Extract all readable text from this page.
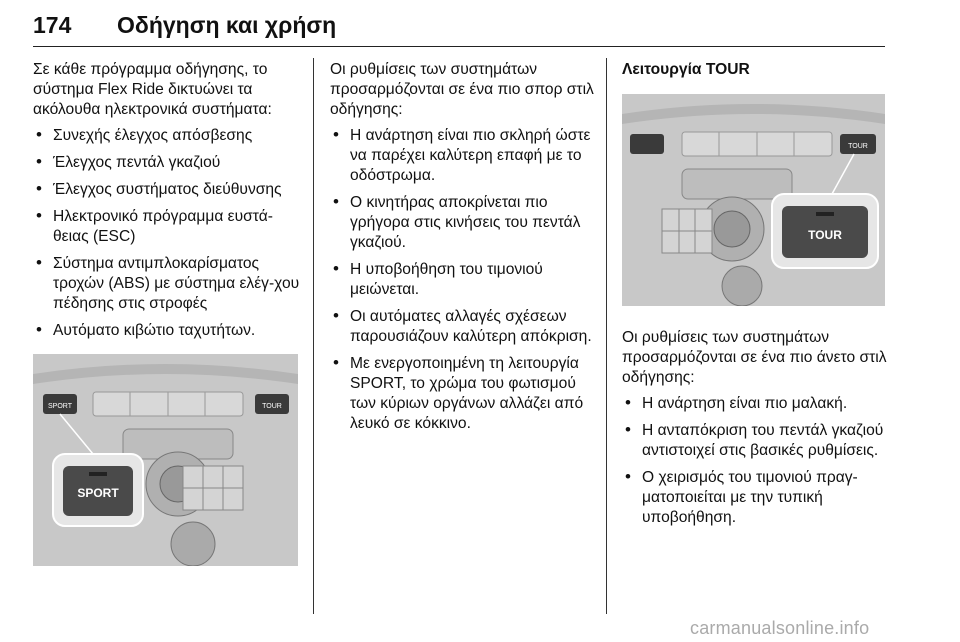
174 Οδήγηση και χρήση

Σε κάθε πρόγραμμα οδήγησης, το σύστημα Flex Ride δικτυώνει τα ακόλουθα ηλεκτρονικά συστήματα:

• Συνεχής έλεγχος απόσβεσης
• Έλεγχος πεντάλ γκαζιού
• Έλεγχος συστήματος διεύθυνσης
• Ηλεκτρονικό πρόγραμμα ευστά-θειας (ESC)
• Σύστημα αντιμπλοκαρίσματος τροχών (ABS) με σύστημα ελέγ-χου πέδησης στις στροφές
• Αυτόματο κιβώτιο ταχυτήτων.
SPORT	TOUR
SPORT

Οι ρυθμίσεις των συστημάτων προσαρμόζονται σε ένα πιο σπορ στιλ οδήγησης:

• Η ανάρτηση είναι πιο σκληρή ώστε να παρέχει καλύτερη επαφή με το οδόστρωμα.
• Ο κινητήρας αποκρίνεται πιο γρήγορα στις κινήσεις του πεντάλ γκαζιού.
• Η υποβοήθηση του τιμονιού μειώνεται.
• Οι αυτόματες αλλαγές σχέσεων παρουσιάζουν καλύτερη απόκριση.
• Με ενεργοποιημένη τη λειτουργία SPORT, το χρώμα του φωτισμού των κύριων οργάνων αλλάζει από λευκό σε κόκκινο.
Λειτουργία TOUR

Οι ρυθμίσεις των συστημάτων προσαρμόζονται σε ένα πιο άνετο στιλ οδήγησης:

• Η ανάρτηση είναι πιο μαλακή.
• Η ανταπόκριση του πεντάλ γκαζιού αντιστοιχεί στις βασικές ρυθμίσεις.
• Ο χειρισμός του τιμονιού πραγ-ματοποιείται με την τυπική υποβοήθηση.
TOUR
TOUR
carmanualsonline.info
